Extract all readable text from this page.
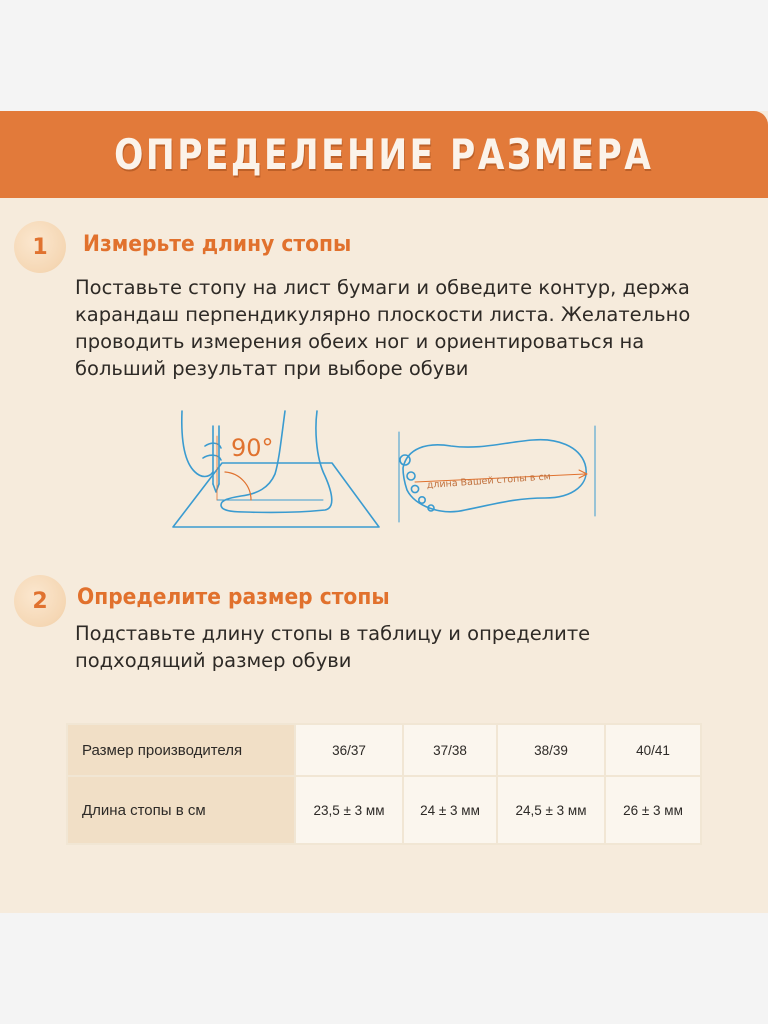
ОПРЕДЕЛЕНИЕ РАЗМЕРА
1 Измерьте длину стопы

Поставьте стопу на лист бумаги и обведите контур, держа
карандаш перпендикулярно плоскости листа. Желательно
проводить измерения обеих ног и ориентироваться на
больший результат при выборе обуви

90°
длина Вашей стопы в см
2 Определите размер стопы

Подставьте длину стопы в таблицу и определите
подходящий размер обуви

Размер производителя	36/37	37/38	38/39	40/41
Длина стопы в см	23,5 ± 3 мм	24 ± 3 мм	24,5 ± 3 мм	26 ± 3 мм
